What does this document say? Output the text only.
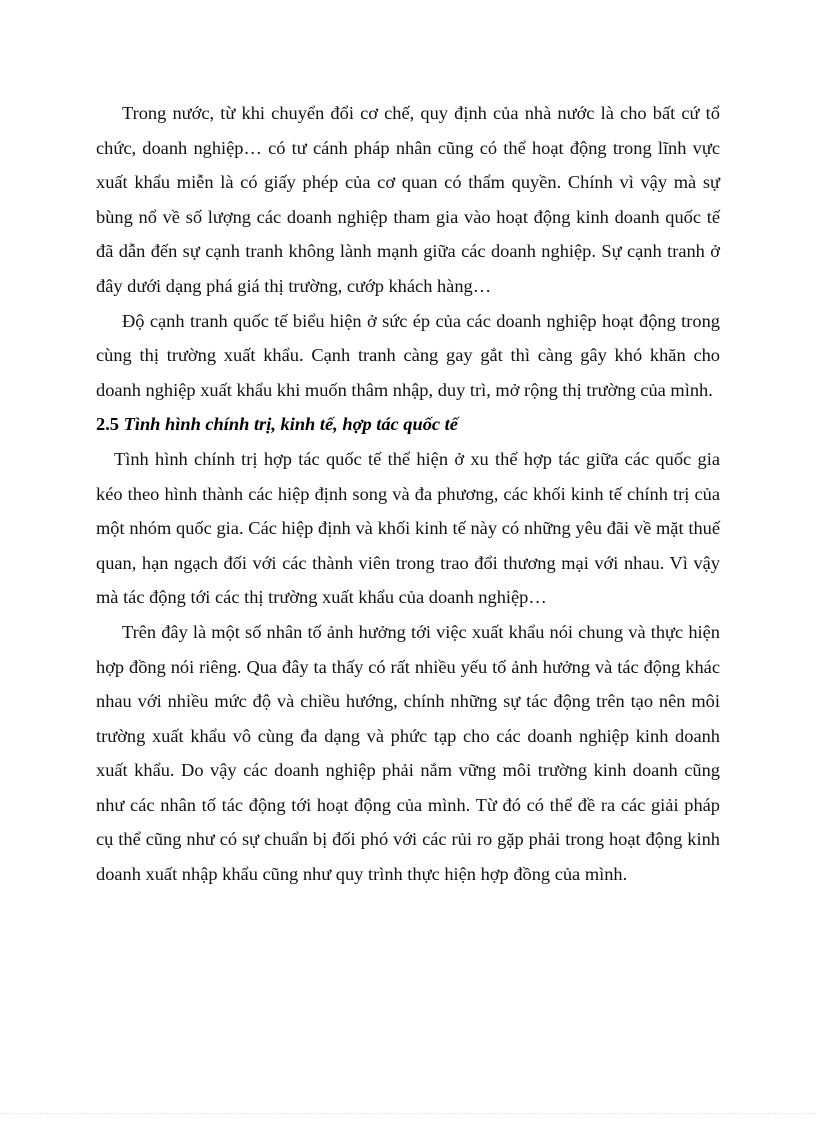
Trong nước, từ khi chuyển đổi cơ chế, quy định của nhà nước là cho bất cứ tổ chức, doanh nghiệp… có tư cánh pháp nhân cũng có thể hoạt động trong lĩnh vực xuất khẩu miễn là có giấy phép của cơ quan có thẩm quyền. Chính vì vậy mà sự bùng nổ về số lượng các doanh nghiệp tham gia vào hoạt động kinh doanh quốc tế đã dẫn đến sự cạnh tranh không lành mạnh giữa các doanh nghiệp. Sự cạnh tranh ở đây dưới dạng phá giá thị trường, cướp khách hàng…

Độ cạnh tranh quốc tế biểu hiện ở sức ép của các doanh nghiệp hoạt động trong cùng thị trường xuất khẩu. Cạnh tranh càng gay gắt thì càng gây khó khăn cho doanh nghiệp xuất khẩu khi muốn thâm nhập, duy trì, mở rộng thị trường của mình.

2.5 Tình hình chính trị, kinh tế, hợp tác quốc tế

Tình hình chính trị hợp tác quốc tế thể hiện ở xu thế hợp tác giữa các quốc gia kéo theo hình thành các hiệp định song và đa phương, các khối kinh tế chính trị của một nhóm quốc gia. Các hiệp định và khối kinh tế này có những yêu đãi về mặt thuế quan, hạn ngạch đối với các thành viên trong trao đổi thương mại với nhau. Vì vậy mà tác động tới các thị trường xuất khẩu của doanh nghiệp…

Trên đây là một số nhân tố ảnh hưởng tới việc xuất khẩu nói chung và thực hiện hợp đồng nói riêng. Qua đây ta thấy có rất nhiều yếu tố ảnh hưởng và tác động khác nhau với nhiều mức độ và chiều hướng, chính những sự tác động trên tạo nên môi trường xuất khẩu vô cùng đa dạng và phức tạp cho các doanh nghiệp kinh doanh xuất khẩu. Do vậy các doanh nghiệp phải nắm vững môi trường kinh doanh cũng như các nhân tố tác động tới hoạt động của mình. Từ đó có thể đề ra các giải pháp cụ thể cũng như có sự chuẩn bị đối phó với các rủi ro gặp phải trong hoạt động kinh doanh xuất nhập khẩu cũng như quy trình thực hiện hợp đồng của mình.
